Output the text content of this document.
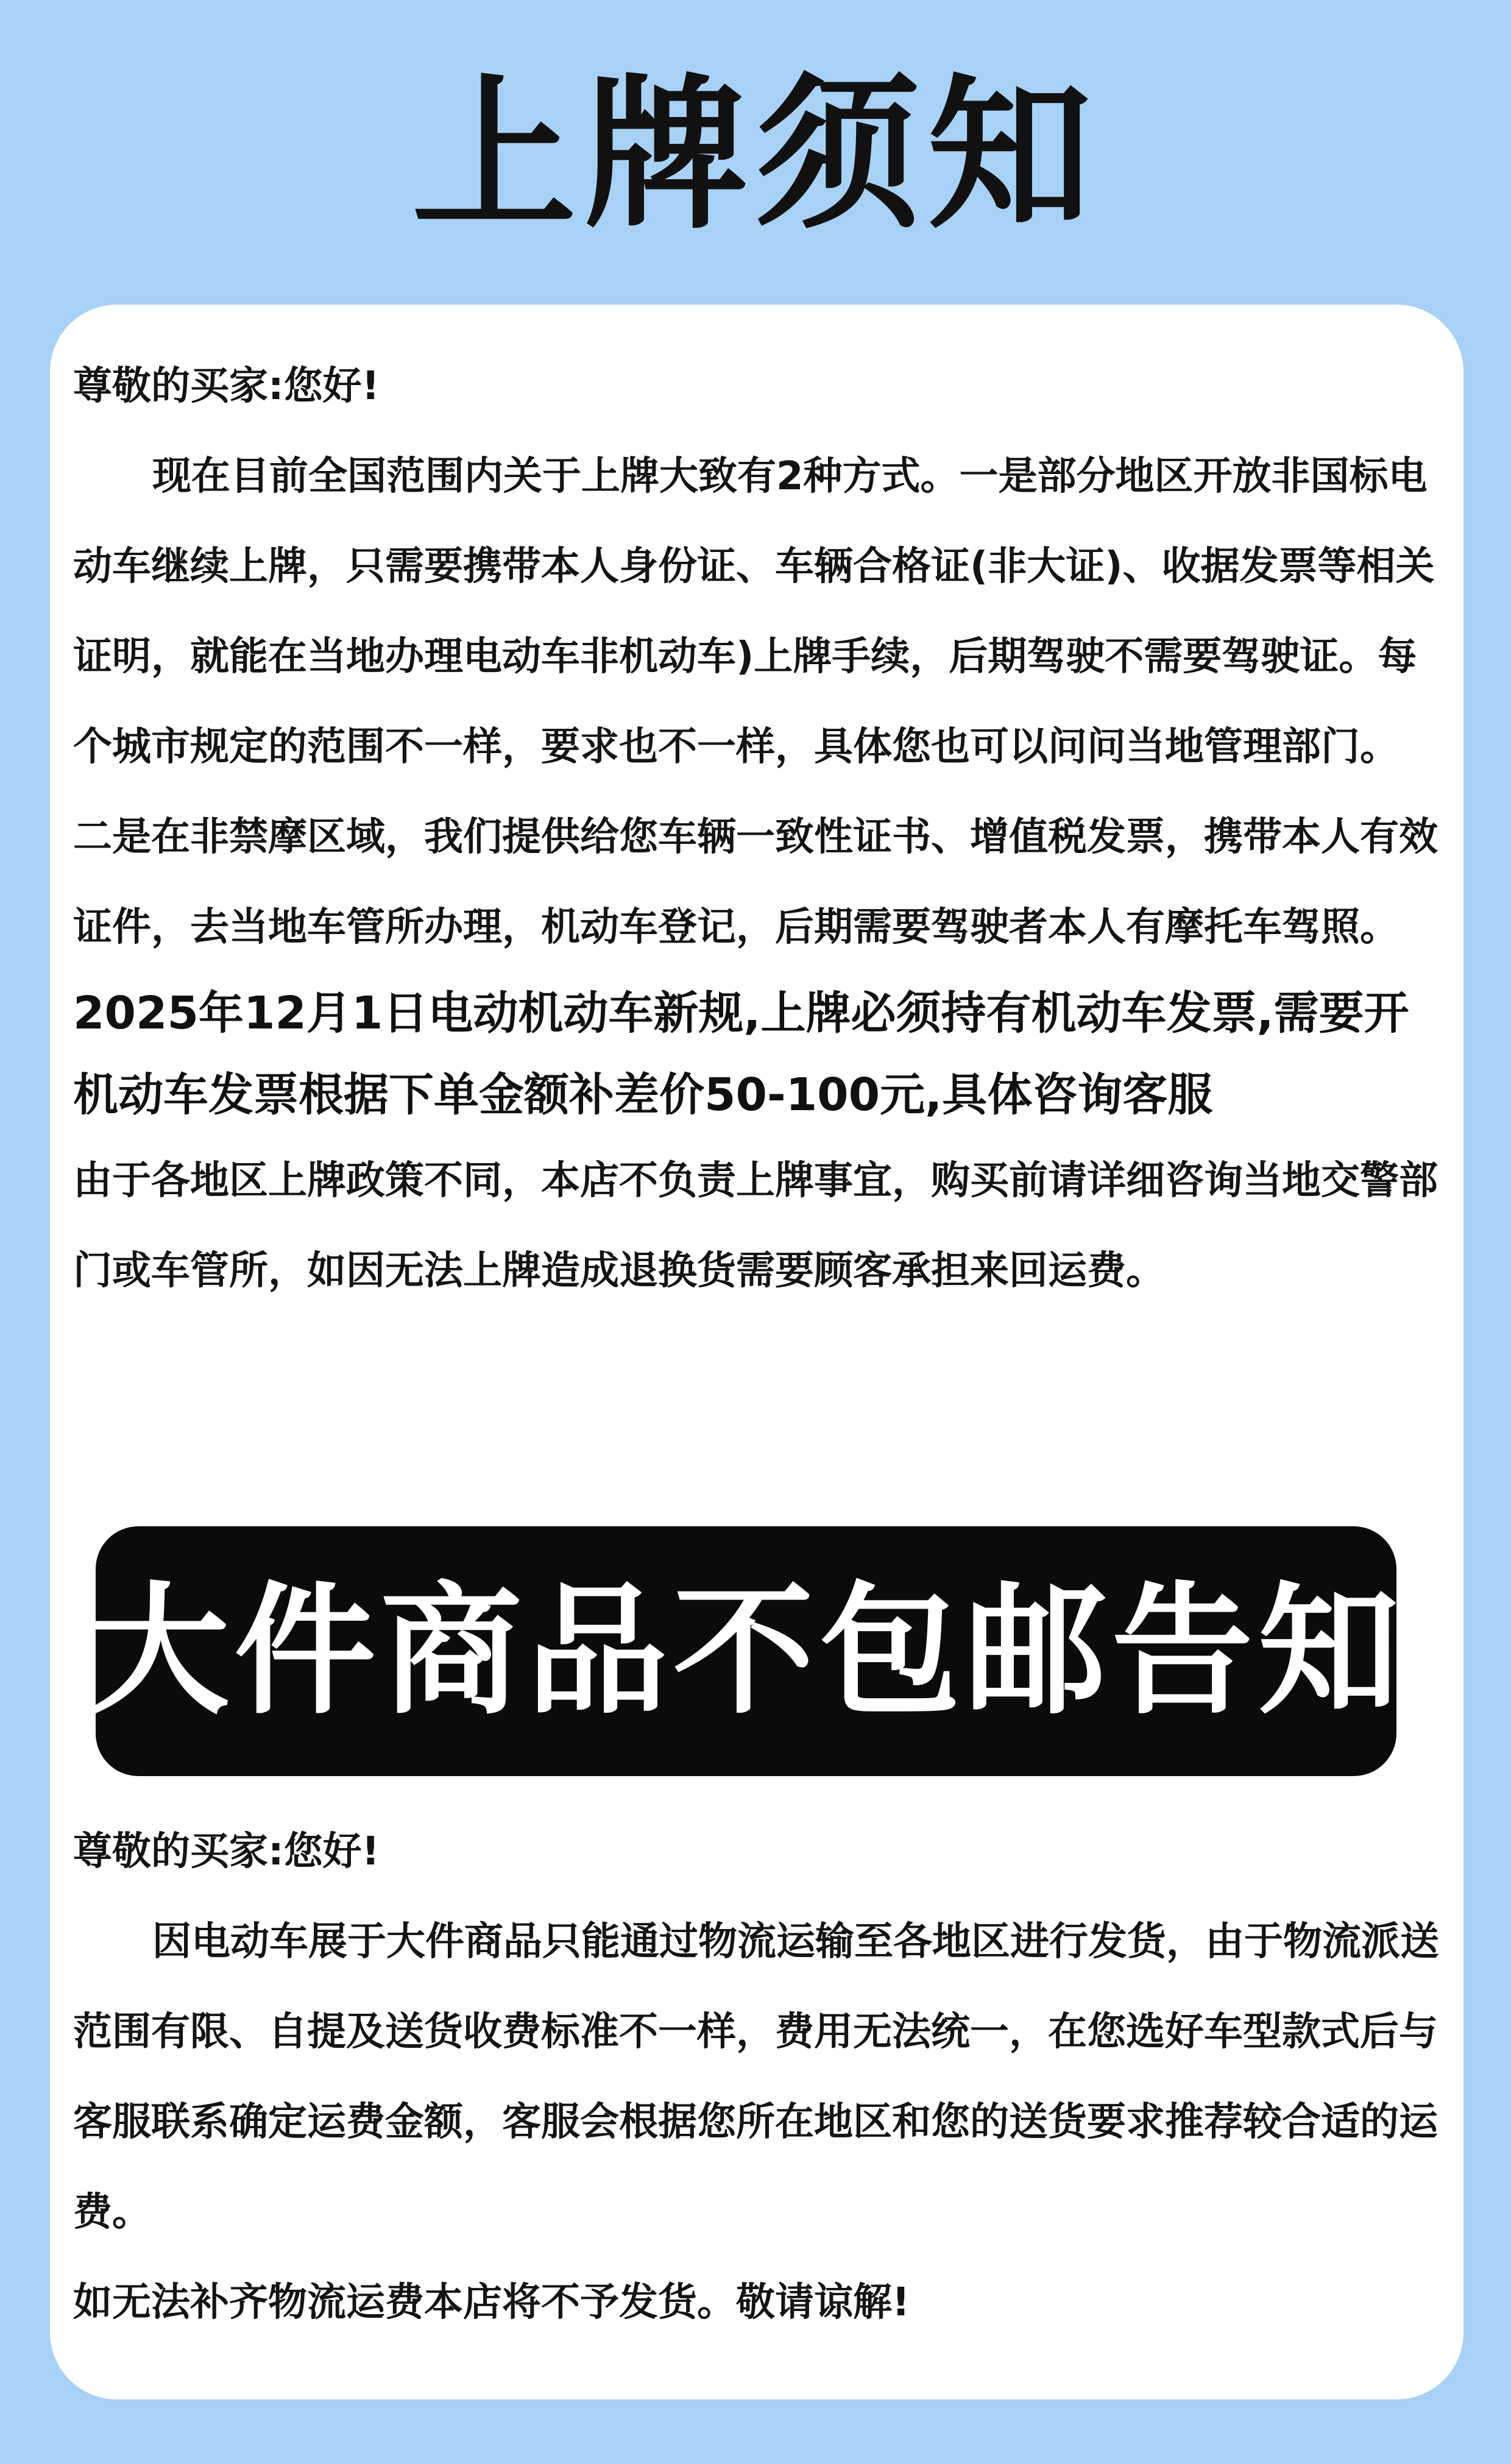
上牌须知

尊敬的买家:您好!

现在目前全国范围内关于上牌大致有2种方式。一是部分地区开放非国标电动车继续上牌，只需要携带本人身份证、车辆合格证(非大证)、收据发票等相关证明，就能在当地办理电动车非机动车)上牌手续，后期驾驶不需要驾驶证。每个城市规定的范围不一样，要求也不一样，具体您也可以问问当地管理部门。

二是在非禁摩区域，我们提供给您车辆一致性证书、增值税发票，携带本人有效证件，去当地车管所办理，机动车登记，后期需要驾驶者本人有摩托车驾照。

2025年12月1日电动机动车新规,上牌必须持有机动车发票,需要开机动车发票根据下单金额补差价50-100元,具体咨询客服

由于各地区上牌政策不同，本店不负责上牌事宜，购买前请详细咨询当地交警部门或车管所，如因无法上牌造成退换货需要顾客承担来回运费。

大件商品不包邮告知

尊敬的买家:您好!

因电动车展于大件商品只能通过物流运输至各地区进行发货，由于物流派送范围有限、自提及送货收费标准不一样，费用无法统一，在您选好车型款式后与客服联系确定运费金额，客服会根据您所在地区和您的送货要求推荐较合适的运费。

如无法补齐物流运费本店将不予发货。敬请谅解!
